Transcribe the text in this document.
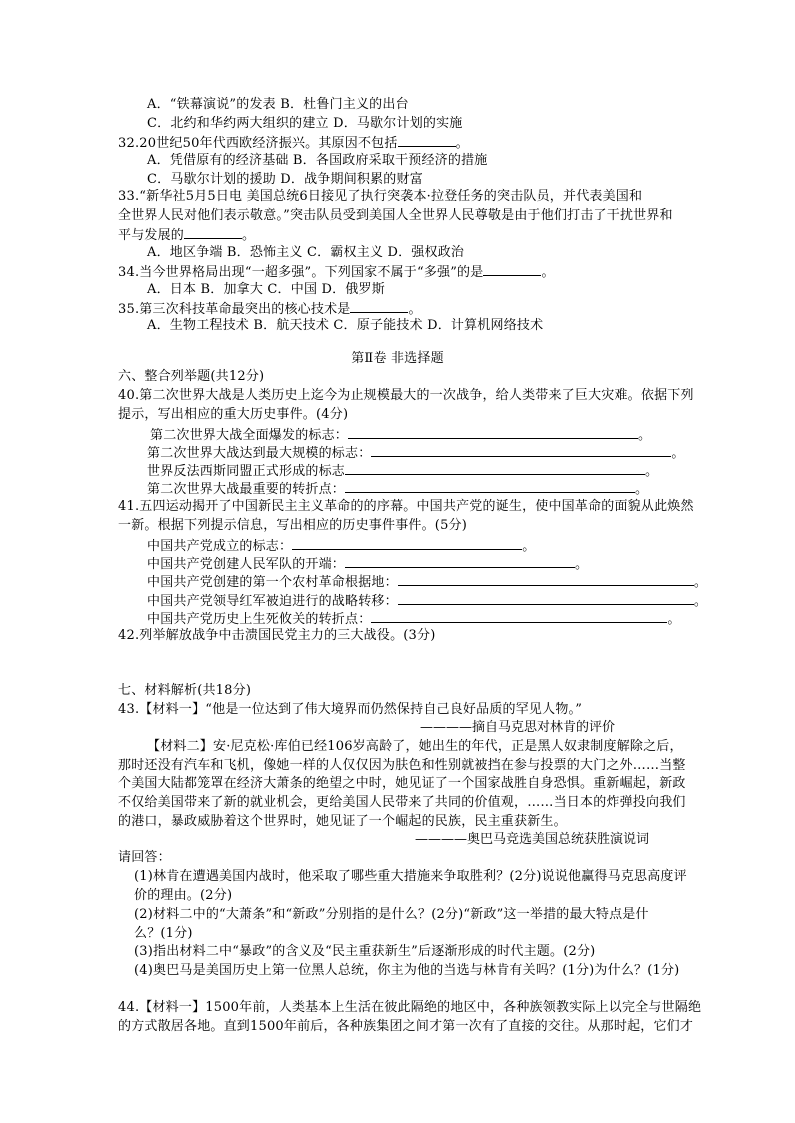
A．“铁幕演说”的发表 B．杜鲁门主义的出台
C．北约和华约两大组织的建立 D．马歇尔计划的实施
32.20世纪50年代西欧经济振兴。其原因不包括	。
A．凭借原有的经济基础 B．各国政府采取干预经济的措施
C．马歇尔计划的援助 D．战争期间积累的财富
33.“新华社5月5日电 美国总统6日接见了执行突袭本·拉登任务的突击队员，并代表美国和
全世界人民对他们表示敬意。”突击队员受到美国人全世界人民尊敬是由于他们打击了干扰世界和
平与发展的	。
A．地区争端 B．恐怖主义 C．霸权主义 D．强权政治
34.当今世界格局出现“一超多强”。下列国家不属于“多强”的是	。
A．日本 B．加拿大 C．中国 D．俄罗斯
35.第三次科技革命最突出的核心技术是	。
A．生物工程技术 B．航天技术 C．原子能技术 D．计算机网络技术
第Ⅱ卷 非选择题
六、整合列举题(共12分)
40.第二次世界大战是人类历史上迄今为止规模最大的一次战争，给人类带来了巨大灾难。依据下列
提示，写出相应的重大历史事件。(4分)
第二次世界大战全面爆发的标志：	。
第二次世界大战达到最大规模的标志：	。
世界反法西斯同盟正式形成的标志	。
第二次世界大战最重要的转折点：	。
41.五四运动揭开了中国新民主主义革命的的序幕。中国共产党的诞生，使中国革命的面貌从此焕然
一新。根据下列提示信息，写出相应的历史事件事件。(5分)
中国共产党成立的标志：	。
中国共产党创建人民军队的开端：	。
中国共产党创建的第一个农村革命根据地：	。
中国共产党领导红军被迫进行的战略转移：	。
中国共产党历史上生死攸关的转折点：	。
42.列举解放战争中击溃国民党主力的三大战役。(3分)
七、材料解析(共18分)
43.【材料一】“他是一位达到了伟大境界而仍然保持自己良好品质的罕见人物。”
————摘自马克思对林肯的评价
【材料二】安·尼克松·库伯已经106岁高龄了，她出生的年代，正是黑人奴隶制度解除之后，
那时还没有汽车和飞机，像她一样的人仅仅因为肤色和性别就被挡在参与投票的大门之外……当整
个美国大陆都笼罩在经济大萧条的绝望之中时，她见证了一个国家战胜自身恐惧。重新崛起，新政
不仅给美国带来了新的就业机会，更给美国人民带来了共同的价值观，……当日本的炸弹投向我们
的港口，暴政威胁着这个世界时，她见证了一个崛起的民族，民主重获新生。
————奥巴马竞选美国总统获胜演说词
请回答：
(1)林肯在遭遇美国内战时，他采取了哪些重大措施来争取胜利？(2分)说说他赢得马克思高度评
价的理由。(2分)
(2)材料二中的“大萧条”和“新政”分别指的是什么？(2分)“新政”这一举措的最大特点是什
么？(1分)
(3)指出材料二中“暴政”的含义及“民主重获新生”后逐渐形成的时代主题。(2分)
(4)奥巴马是美国历史上第一位黑人总统，你主为他的当选与林肯有关吗？(1分)为什么？(1分)
44.【材料一】1500年前，人类基本上生活在彼此隔绝的地区中，各种族领教实际上以完全与世隔绝
的方式散居各地。直到1500年前后，各种族集团之间才第一次有了直接的交往。从那时起，它们才
